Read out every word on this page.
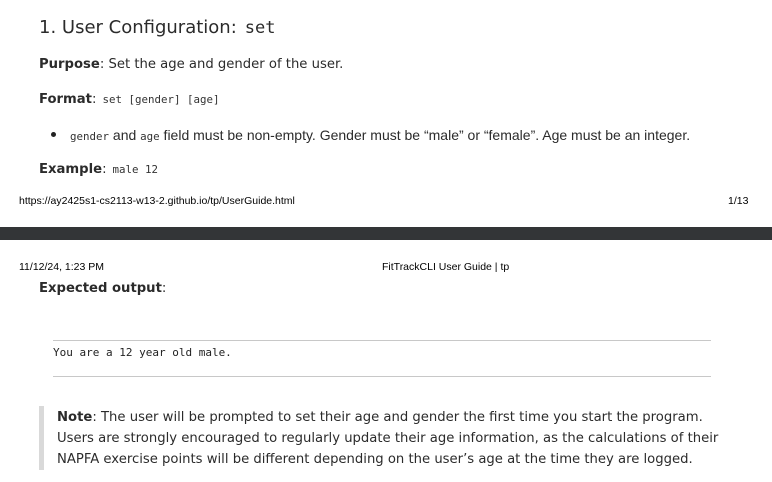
1. User Configuration: set
Purpose: Set the age and gender of the user.
Format: set [gender] [age]
gender and age field must be non-empty. Gender must be “male” or “female”. Age must be an integer.
Example: male 12
https://ay2425s1-cs2113-w13-2.github.io/tp/UserGuide.html	1/13
11/12/24, 1:23 PM	FitTrackCLI User Guide | tp
Expected output:
You are a 12 year old male.
Note: The user will be prompted to set their age and gender the first time you start the program. Users are strongly encouraged to regularly update their age information, as the calculations of their NAPFA exercise points will be different depending on the user’s age at the time they are logged.
